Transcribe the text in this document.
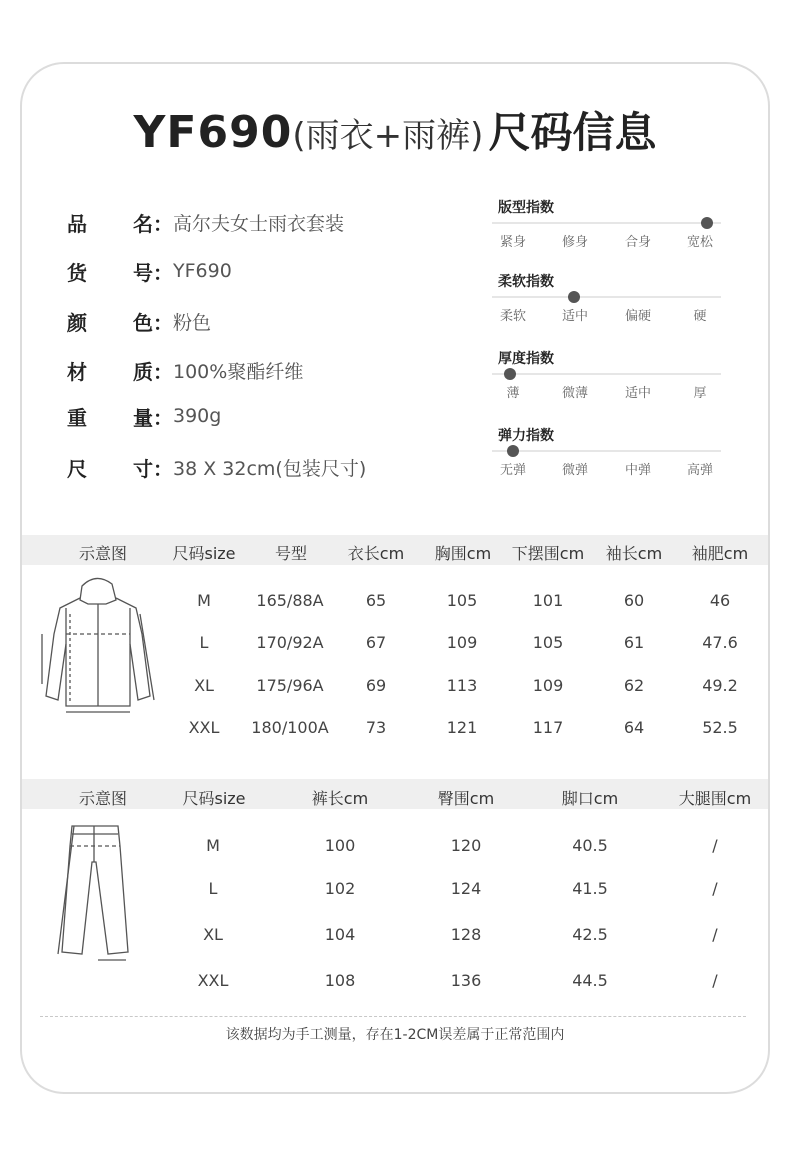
YF690(雨衣+雨裤) 尺码信息
品 名： 高尔夫女士雨衣套装
货 号： YF690
颜 色： 粉色
材 质： 100%聚酯纤维
重 量： 390g
尺 寸： 38 X 32cm(包装尺寸)
版型指数
紧身	修身	合身	宽松
柔软指数
柔软	适中	偏硬	硬
厚度指数
薄	微薄	适中	厚
弹力指数
无弹	微弹	中弹	高弹
示意图	尺码size 号型	衣长cm 胸围cm 下摆围cm 袖长cm 袖肥cm
M	165/88A	65	105	101	60	46
L	170/92A	67	109	105	61	47.6
XL	175/96A	69	113	109	62	49.2
XXL 180/100A 73	121	117	64	52.5
示意图	尺码size	裤长cm	臀围cm	脚口cm	大腿围cm
M	100	120	40.5	/
L	102	124	41.5	/
XL	104	128	42.5	/
XXL	108	136	44.5	/
该数据均为手工测量，存在1-2CM误差属于正常范围内
